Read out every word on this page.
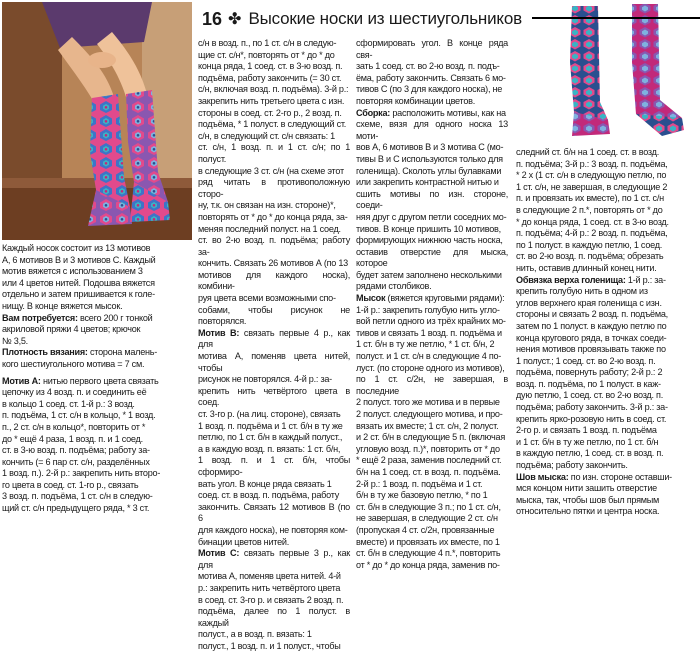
16 ✤ Высокие носки из шестиугольников

Каждый носок состоит из 13 мотивов

А, 6 мотивов В и 3 мотивов С. Каждый

мотив вяжется с использованием 3

или 4 цветов нитей. Подошва вяжется

отдельно и затем пришивается к голе-

нищу. В конце вяжется мысок.

Вам потребуется: всего 200 г тонкой

акриловой пряжи 4 цветов; крючок

№ 3,5.

Плотность вязания: сторона малень-

кого шестиугольного мотива = 7 см.

Мотив А: нитью первого цвета связать

цепочку из 4 возд. п. и соединить её

в кольцо 1 соед. ст. 1-й р.: 3 возд.

п. подъёма, 1 ст. с/н в кольцо, * 1 возд.

п., 2 ст. с/н в кольцо*, повторить от *

до * ещё 4 раза, 1 возд. п. и 1 соед.

ст. в 3-ю возд. п. подъёма; работу за-

кончить (= 6 пар ст. с/н, разделённых

1 возд. п.). 2-й р.: закрепить нить второ-

го цвета в соед. ст. 1-го р., связать

3 возд. п. подъёма, 1 ст. с/н в следую-

щий ст. с/н предыдущего ряда, * 3 ст.

с/н в возд. п., по 1 ст. с/н в следую-

щие ст. с/н*, повторять от * до * до

конца ряда, 1 соед. ст. в 3-ю возд. п.

подъёма, работу закончить (= 30 ст.

с/н, включая возд. п. подъёма). 3-й р.:

закрепить нить третьего цвета с изн.

стороны в соед. ст. 2-го р., 2 возд. п.

подъёма, * 1 полуст. в следующий ст.

с/н, в следующий ст. с/н связать: 1

ст. с/н, 1 возд. п. и 1 ст. с/н; по 1 полуст.

в следующие 3 ст. с/н (на схеме этот

ряд читать в противоположную сторо-

ну, т.к. он связан на изн. стороне)*,

повторять от * до * до конца ряда, за-

меняя последний полуст. на 1 соед.

ст. во 2-ю возд. п. подъёма; работу за-

кончить. Связать 26 мотивов А (по 13

мотивов для каждого носка), комбини-

руя цвета всеми возможными спо-

собами, чтобы рисунок не повторялся.

Мотив В: связать первые 4 р., как для

мотива А, поменяв цвета нитей, чтобы

рисунок не повторялся. 4-й р.: за-

крепить нить четвёртого цвета в соед.

ст. 3-го р. (на лиц. стороне), связать

1 возд. п. подъёма и 1 ст. б/н в ту же

петлю, по 1 ст. б/н в каждый полуст.,

а в каждую возд. п. вязать: 1 ст. б/н,

1 возд. п. и 1 ст. б/н, чтобы сформиро-

вать угол. В конце ряда связать 1

соед. ст. в возд. п. подъёма, работу

закончить. Связать 12 мотивов В (по 6

для каждого носка), не повторяя ком-

бинации цветов нитей.

Мотив С: связать первые 3 р., как для

мотива А, поменяв цвета нитей. 4-й

р.: закрепить нить четвёртого цвета

в соед. ст. 3-го р. и связать 2 возд. п.

подъёма, далее по 1 полуст. в каждый

полуст., а в возд. п. вязать: 1

полуст., 1 возд. п. и 1 полуст., чтобы

сформировать угол. В конце ряда свя-

зать 1 соед. ст. во 2-ю возд. п. подъ-

ёма, работу закончить. Связать 6 мо-

тивов С (по 3 для каждого носка), не

повторяя комбинации цветов.

Сборка: расположить мотивы, как на

схеме, вязя для одного носка 13 моти-

вов А, 6 мотивов В и 3 мотива С (мо-

тивы В и С используются только для

голенища). Сколоть углы булавками

или закрепить контрастной нитью и

сшить мотивы по изн. стороне, соеди-

няя друг с другом петли соседних мо-

тивов. В конце пришить 10 мотивов,

формирующих нижнюю часть носка,

оставив отверстие для мыска, которое

будет затем заполнено несколькими

рядами столбиков.

Мысок (вяжется круговыми рядами):

1-й р.: закрепить голубую нить угло-

вой петли одного из трёх крайних мо-

тивов и связать 1 возд. п. подъёма и

1 ст. б/н в ту же петлю, * 1 ст. б/н, 2

полуст. и 1 ст. с/н в следующие 4 по-

луст. (по стороне одного из мотивов),

по 1 ст. с/2н, не завершая, в последние

2 полуст. того же мотива и в первые

2 полуст. следующего мотива, и про-

вязать их вместе; 1 ст. с/н, 2 полуст.

и 2 ст. б/н в следующие 5 п. (включая

угловую возд. п.)*, повторить от * до

* ещё 2 раза, заменив последний ст.

б/н на 1 соед. ст. в возд. п. подъёма.

2-й р.: 1 возд. п. подъёма и 1 ст.

б/н в ту же базовую петлю, * по 1

ст. б/н в следующие 3 п.; по 1 ст. с/н,

не завершая, в следующие 2 ст. с/н

(пропуская 4 ст. с/2н, провязанные

вместе) и провязать их вместе, по 1

ст. б/н в следующие 4 п.*, повторить

от * до * до конца ряда, заменив по-

следний ст. б/н на 1 соед. ст. в возд.

п. подъёма; 3-й р.: 3 возд. п. подъёма,

* 2 х (1 ст. с/н в следующую петлю, по

1 ст. с/н, не завершая, в следующие 2

п. и провязать их вместе), по 1 ст. с/н

в следующие 2 п.*, повторять от * до

* до конца ряда, 1 соед. ст. в 3-ю возд.

п. подъёма; 4-й р.: 2 возд. п. подъёма,

по 1 полуст. в каждую петлю, 1 соед.

ст. во 2-ю возд. п. подъёма; обрезать

нить, оставив длинный конец нити.

Обвязка верха голенища: 1-й р.: за-

крепить голубую нить в одном из

углов верхнего края голенища с изн.

стороны и связать 2 возд. п. подъёма,

затем по 1 полуст. в каждую петлю по

конца кругового ряда, в точках соеди-

нения мотивов провязывать также по

1 полуст.; 1 соед. ст. во 2-ю возд. п.

подъёма, повернуть работу; 2-й р.: 2

возд. п. подъёма, по 1 полуст. в каж-

дую петлю, 1 соед. ст. во 2-ю возд. п.

подъёма; работу закончить. 3-й р.: за-

крепить ярко-розовую нить в соед. ст.

2-го р. и связать 1 возд. п. подъёма

и 1 ст. б/н в ту же петлю, по 1 ст. б/н

в каждую петлю, 1 соед. ст. в возд. п.

подъёма; работу закончить.

Шов мыска: по изн. стороне оставши-

мся концом нити зашить отверстие

мыска, так, чтобы шов был прямым

относительно пятки и центра носка.
